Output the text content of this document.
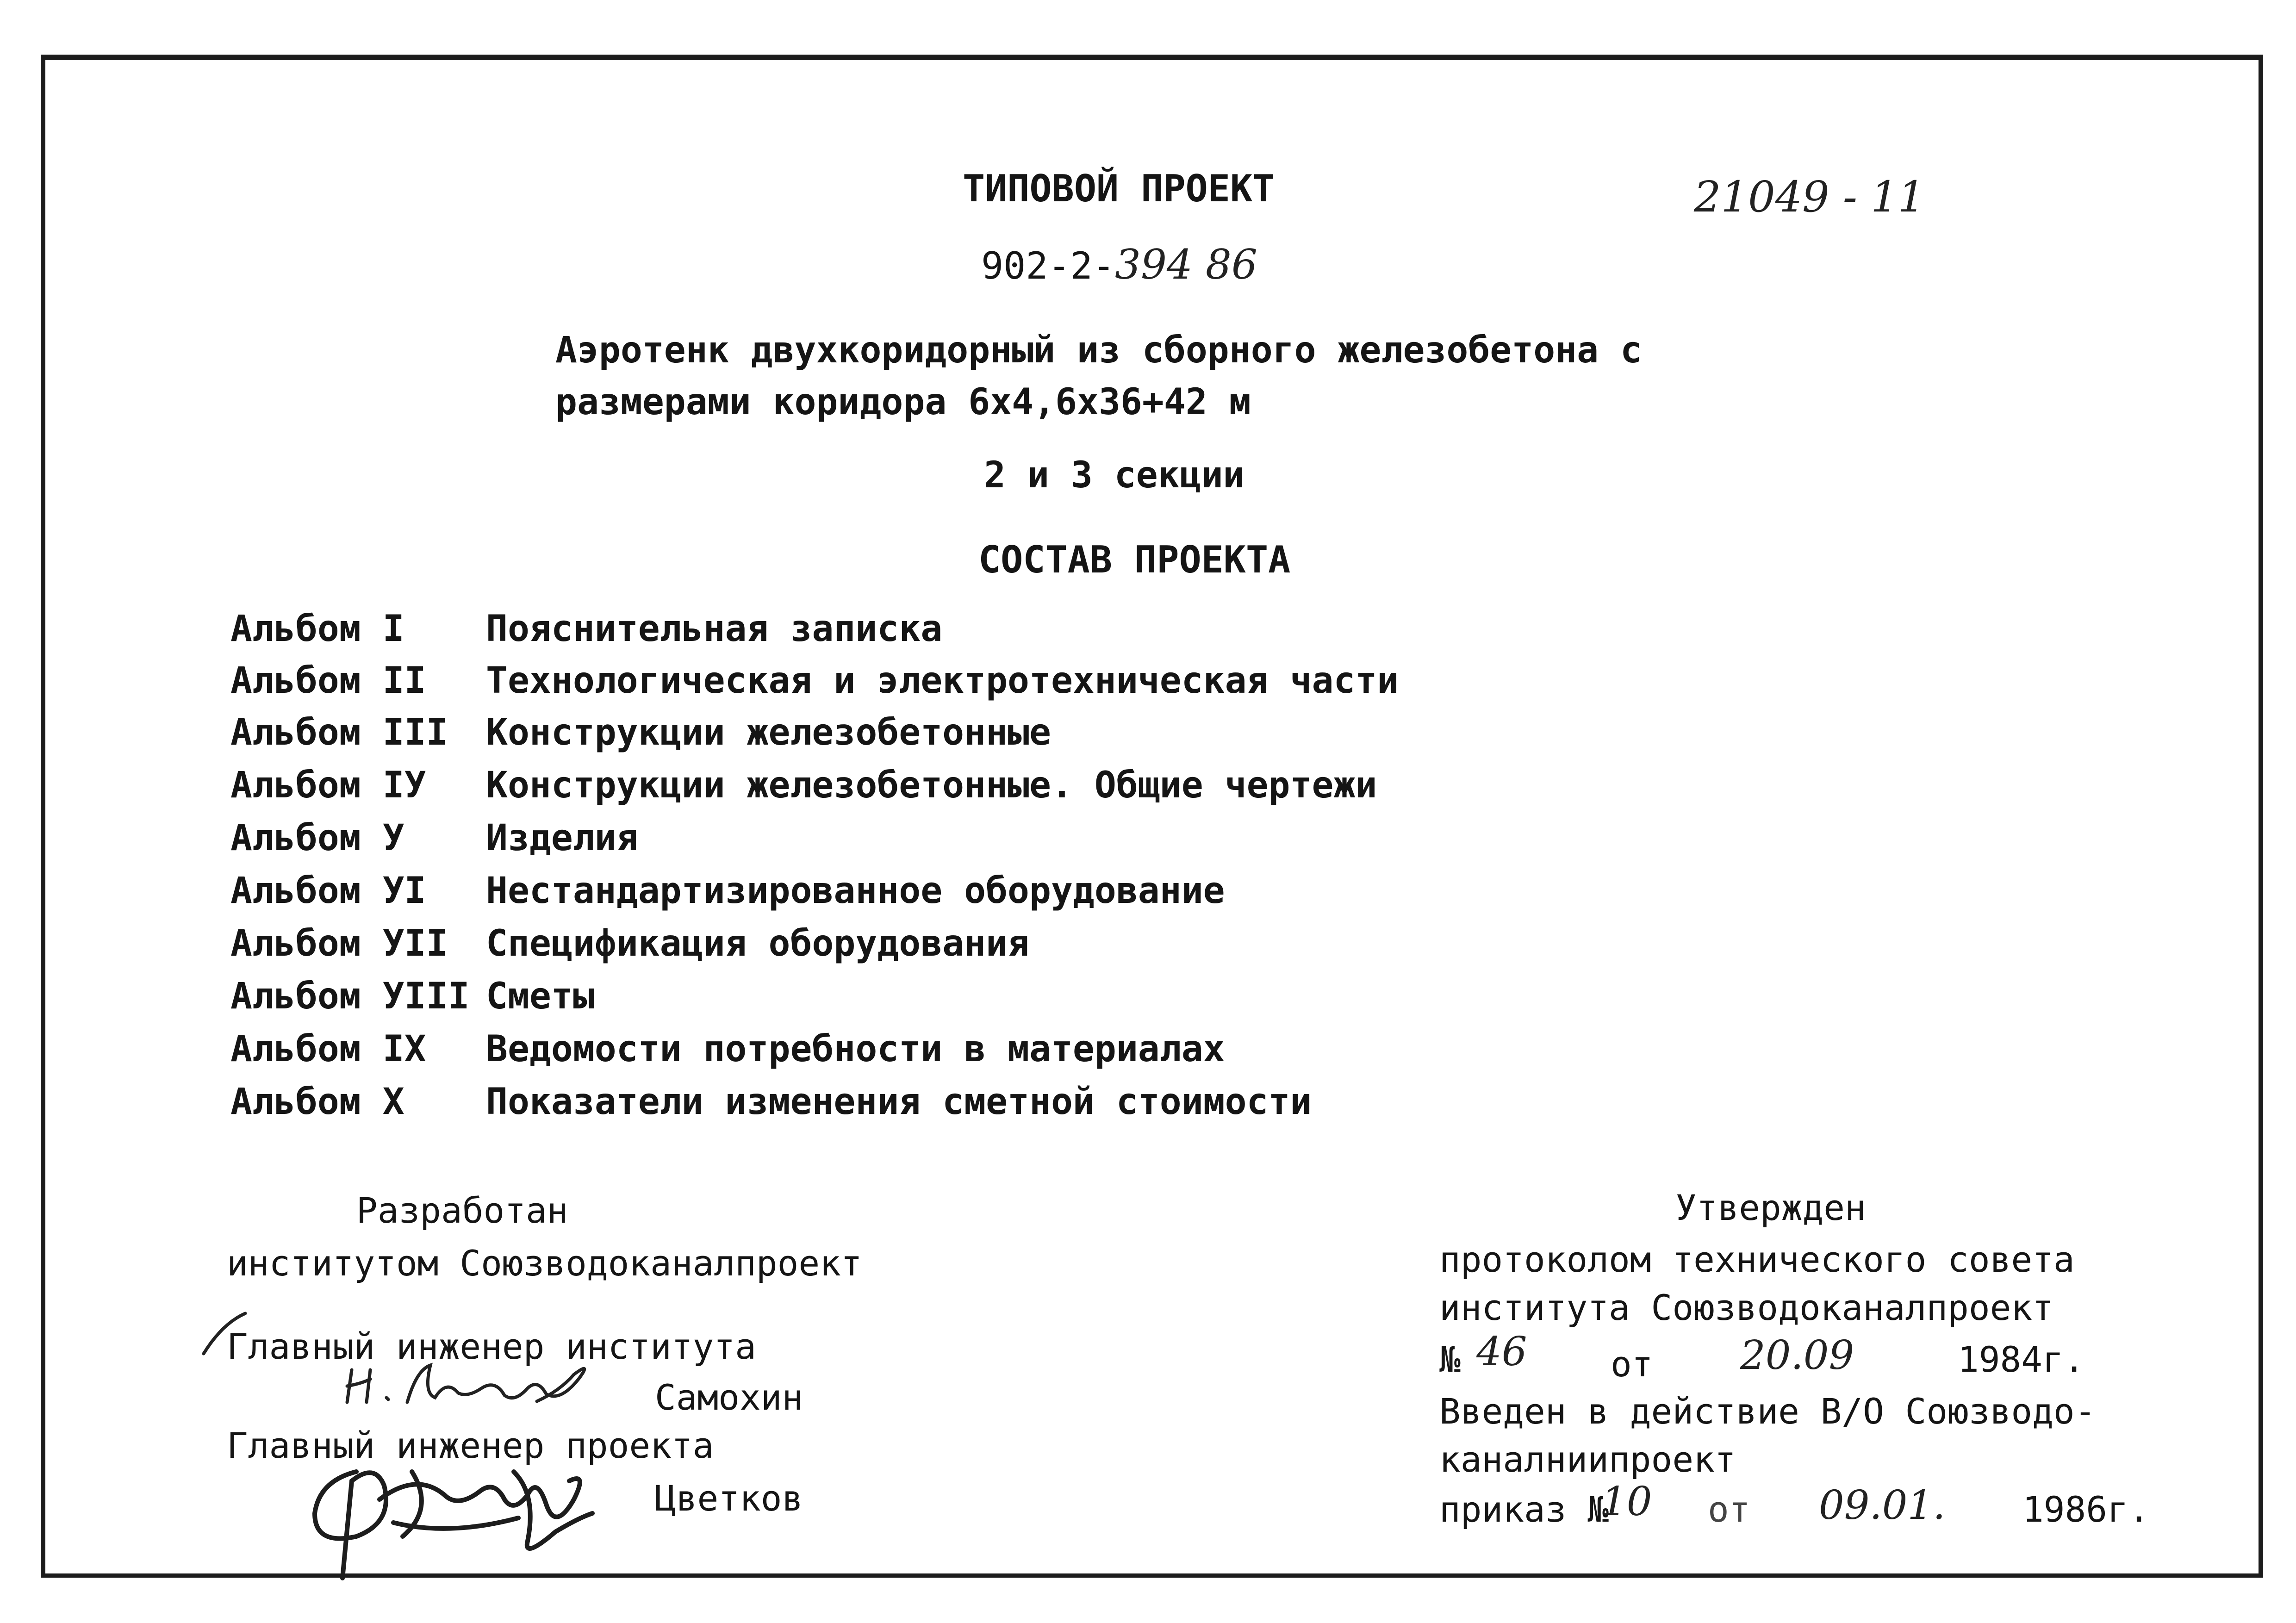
ТИПОВОЙ ПРОЕКТ	21049 - 11
902-2-394 86
Аэротенк двухкоридорный из сборного железобетона с
размерами коридора 6х4,6х36+42 м
2 и 3 секции
СОСТАВ ПРОЕКТА
Альбом I Пояснительная записка
Альбом II Технологическая и электротехническая части
Альбом III Конструкции железобетонные
Альбом IУ Конструкции железобетонные. Общие чертежи
Альбом У Изделия
Альбом УI Нестандартизированное оборудование
Альбом УII Спецификация оборудования
Альбом УIII Сметы
Альбом IХ Ведомости потребности в материалах
Альбом Х Показатели изменения сметной стоимости
Разработан
институтом Союзводоканалпроект
Главный инженер института
Самохин
Главный инженер проекта
Цветков
Утвержден
протоколом технического совета
института Союзводоканалпроект
№ 46 от 20.09	1984г.
Введен в действие В/О Союзводо-
каналниипроект
приказ №
10 от 09.01. 1986г.
